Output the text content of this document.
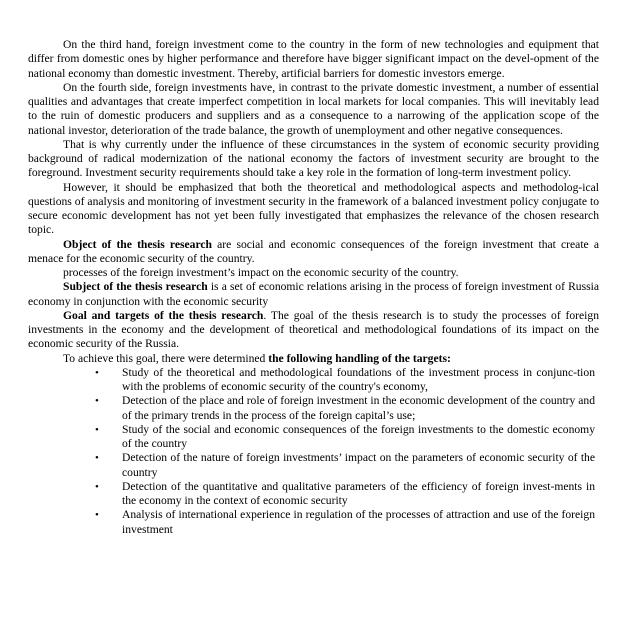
On the third hand, foreign investment come to the country in the form of new technologies and equipment that differ from domestic ones by higher performance and therefore have bigger significant impact on the devel-opment of the national economy than domestic investment. Thereby, artificial barriers for domestic investors emerge.

On the fourth side, foreign investments have, in contrast to the private domestic investment, a number of essential qualities and advantages that create imperfect competition in local markets for local companies. This will inevitably lead to the ruin of domestic producers and suppliers and as a consequence to a narrowing of the application scope of the national investor, deterioration of the trade balance, the growth of unemployment and other negative consequences.

That is why currently under the influence of these circumstances in the system of economic security providing background of radical modernization of the national economy the factors of investment security are brought to the foreground. Investment security requirements should take a key role in the formation of long-term investment policy.

However, it should be emphasized that both the theoretical and methodological aspects and methodolog-ical questions of analysis and monitoring of investment security in the framework of a balanced investment policy conjugate to secure economic development has not yet been fully investigated that emphasizes the relevance of the chosen research topic.

Object of the thesis research are social and economic consequences of the foreign investment that create a menace for the economic security of the country.

processes of the foreign investment’s impact on the economic security of the country.

Subject of the thesis research is a set of economic relations arising in the process of foreign investment of Russia economy in conjunction with the economic security

Goal and targets of the thesis research. The goal of the thesis research is to study the processes of foreign investments in the economy and the development of theoretical and methodological foundations of its impact on the economic security of the Russia.

To achieve this goal, there were determined the following handling of the targets:

• Study of the theoretical and methodological foundations of the investment process in conjunc-tion with the problems of economic security of the country's economy,
• Detection of the place and role of foreign investment in the economic development of the country and of the primary trends in the process of the foreign capital’s use;
• Study of the social and economic consequences of the foreign investments to the domestic economy of the country
• Detection of the nature of foreign investments’ impact on the parameters of economic security of the country
• Detection of the quantitative and qualitative parameters of the efficiency of foreign invest-ments in the economy in the context of economic security
• Analysis of international experience in regulation of the processes of attraction and use of the foreign investment
